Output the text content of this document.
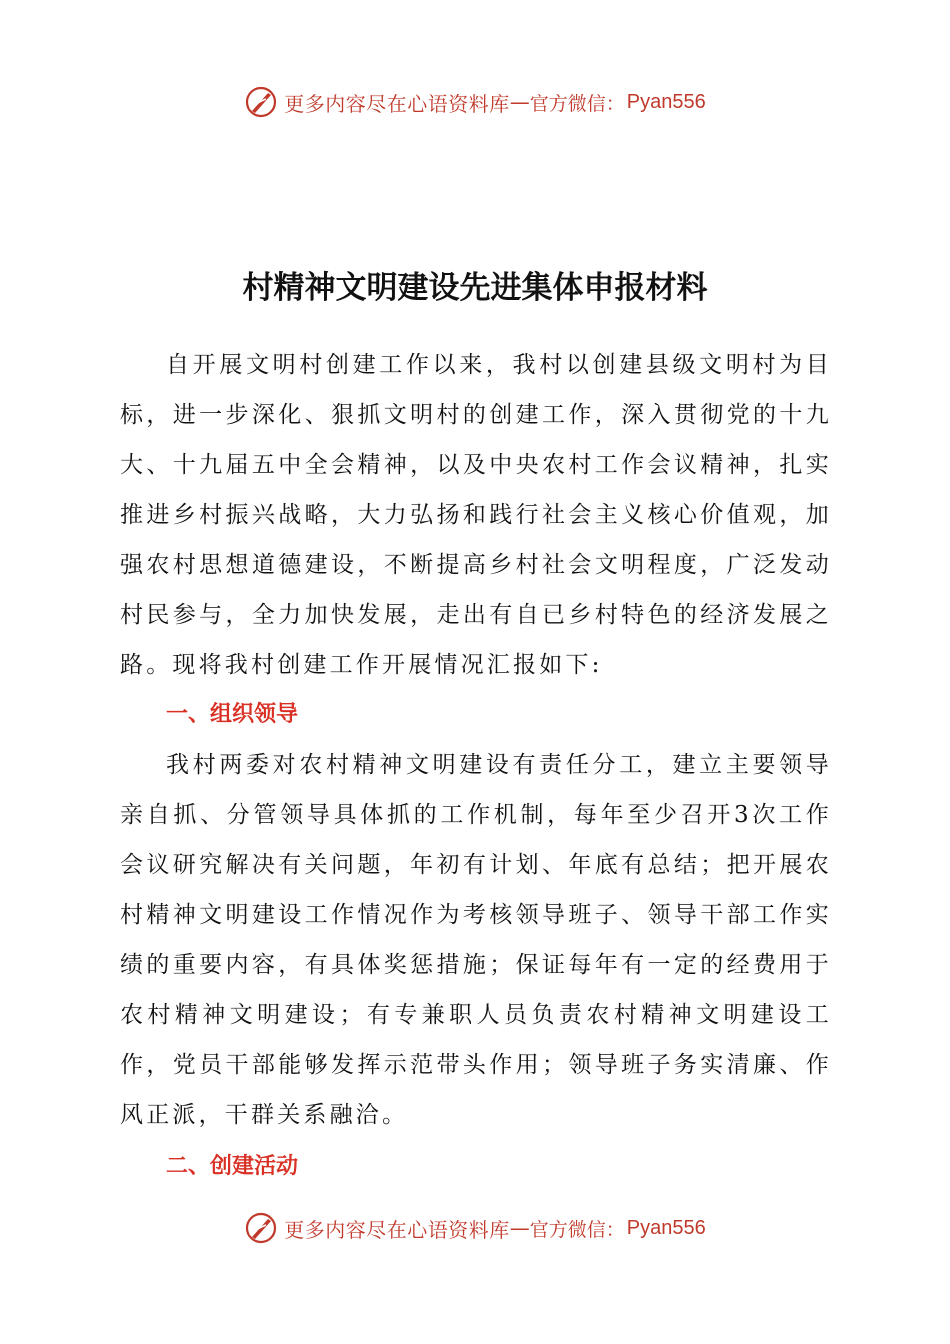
更多内容尽在心语资料库 — 官方微信： Pyan556
村精神文明建设先进集体申报材料

自开展文明村创建工作以来，我村以创建县级文明村为目标，进一步深化、狠抓文明村的创建工作，深入贯彻党的十九大、十九届五中全会精神，以及中央农村工作会议精神，扎实推进乡村振兴战略，大力弘扬和践行社会主义核心价值观，加强农村思想道德建设，不断提高乡村社会文明程度，广泛发动村民参与，全力加快发展，走出有自已乡村特色的经济发展之路。现将我村创建工作开展情况汇报如下:

一、组织领导

我村两委对农村精神文明建设有责任分工，建立主要领导亲自抓、分管领导具体抓的工作机制，每年至少召开3次工作会议研究解决有关问题，年初有计划、年底有总结；把开展农村精神文明建设工作情况作为考核领导班子、领导干部工作实绩的重要内容，有具体奖惩措施；保证每年有一定的经费用于农村精神文明建设；有专兼职人员负责农村精神文明建设工作，党员干部能够发挥示范带头作用；领导班子务实清廉、作风正派，干群关系融洽。

二、创建活动

更多内容尽在心语资料库 — 官方微信： Pyan556
